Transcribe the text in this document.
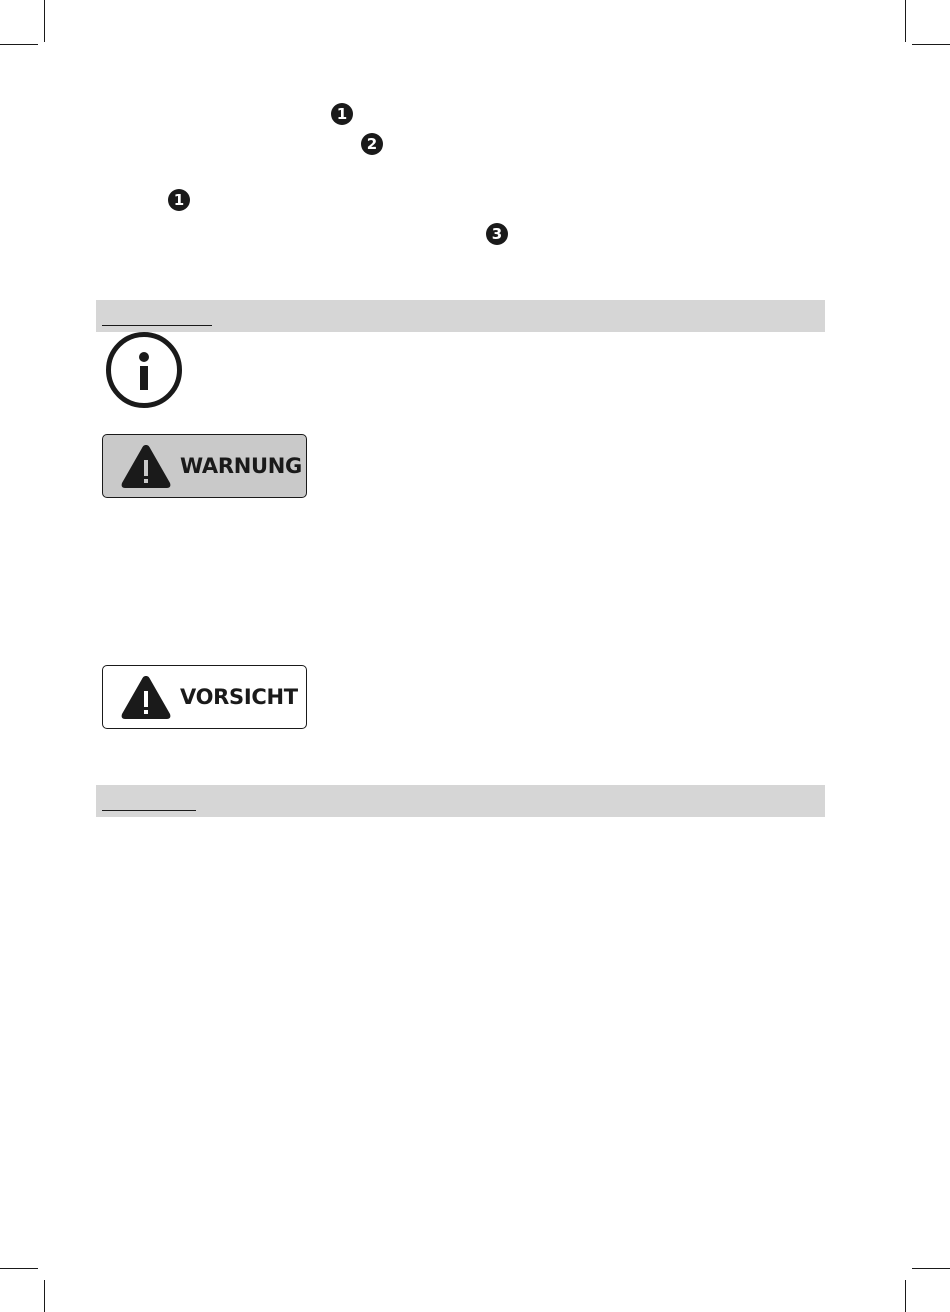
1
2
1
3
WARNUNG
VORSICHT
